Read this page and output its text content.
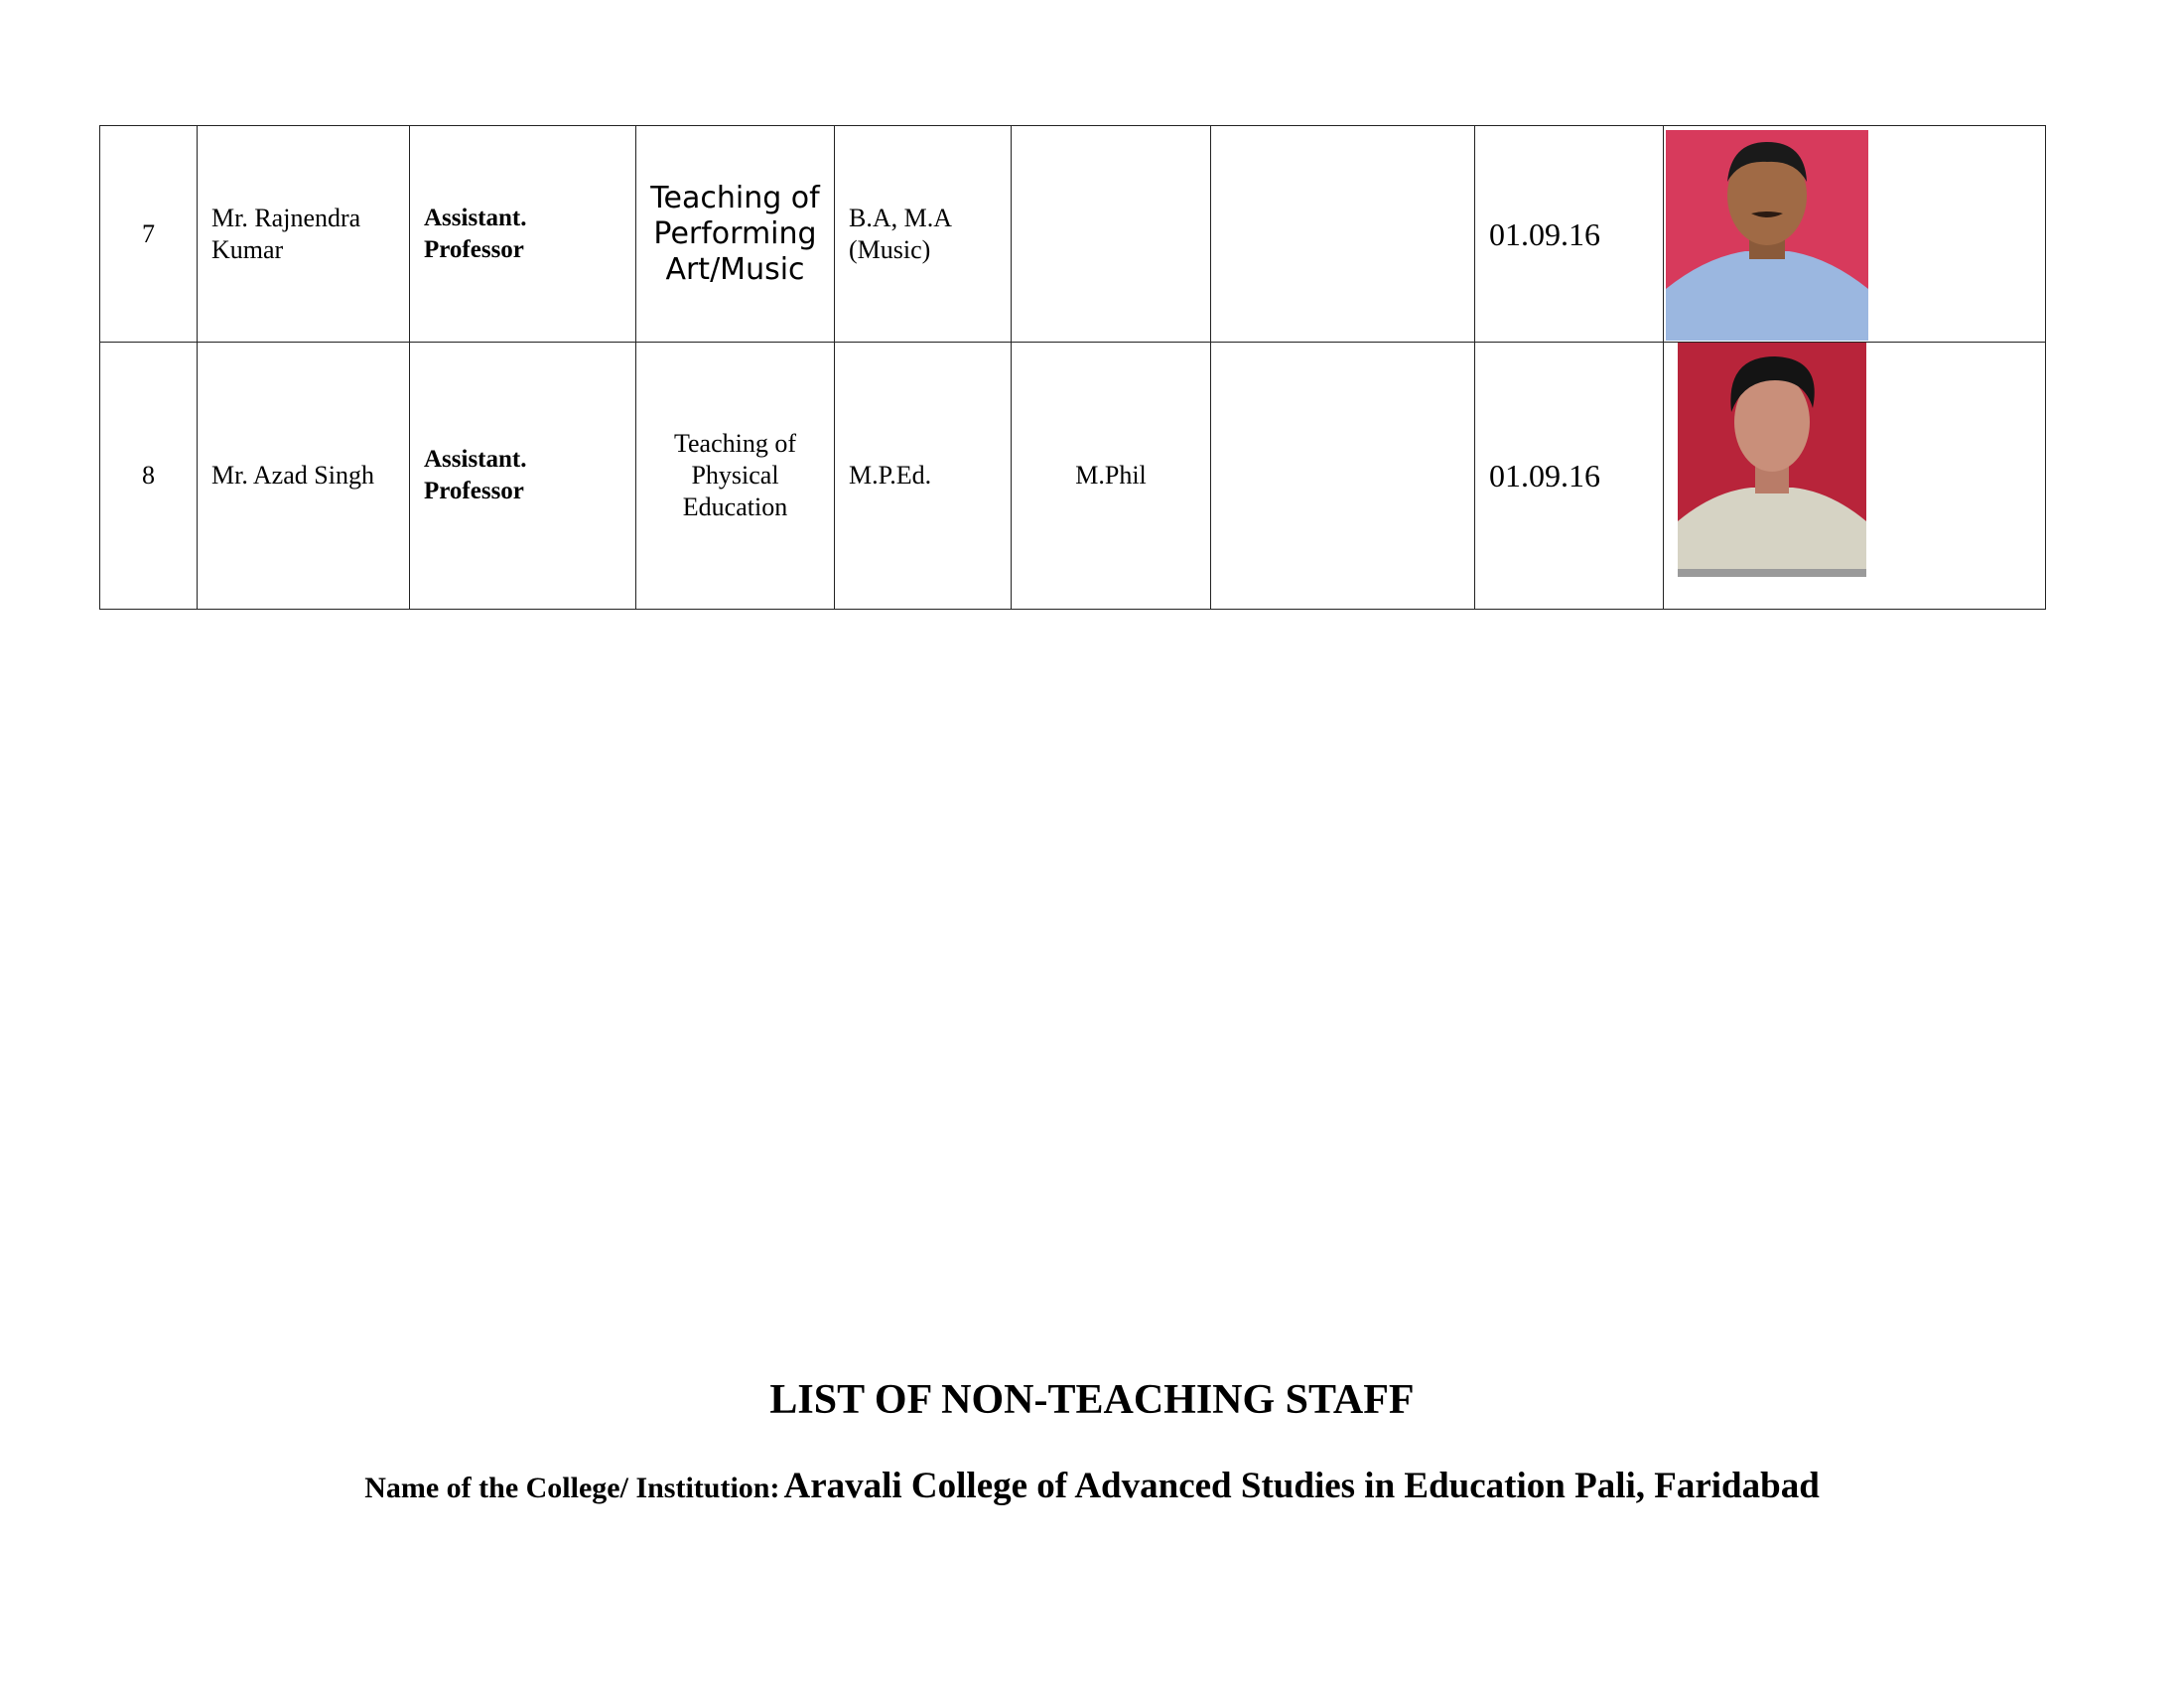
7	Mr. Rajnendra Kumar	Assistant. Professor	Teaching of Performing Art/Music	B.A, M.A (Music)			01.09.16	

8	Mr. Azad Singh	Assistant. Professor	Teaching of Physical Education	M.P.Ed.	M.Phil		01.09.16	
LIST OF NON-TEACHING STAFF
Name of the College/ Institution: Aravali College of Advanced Studies in Education Pali, Faridabad
